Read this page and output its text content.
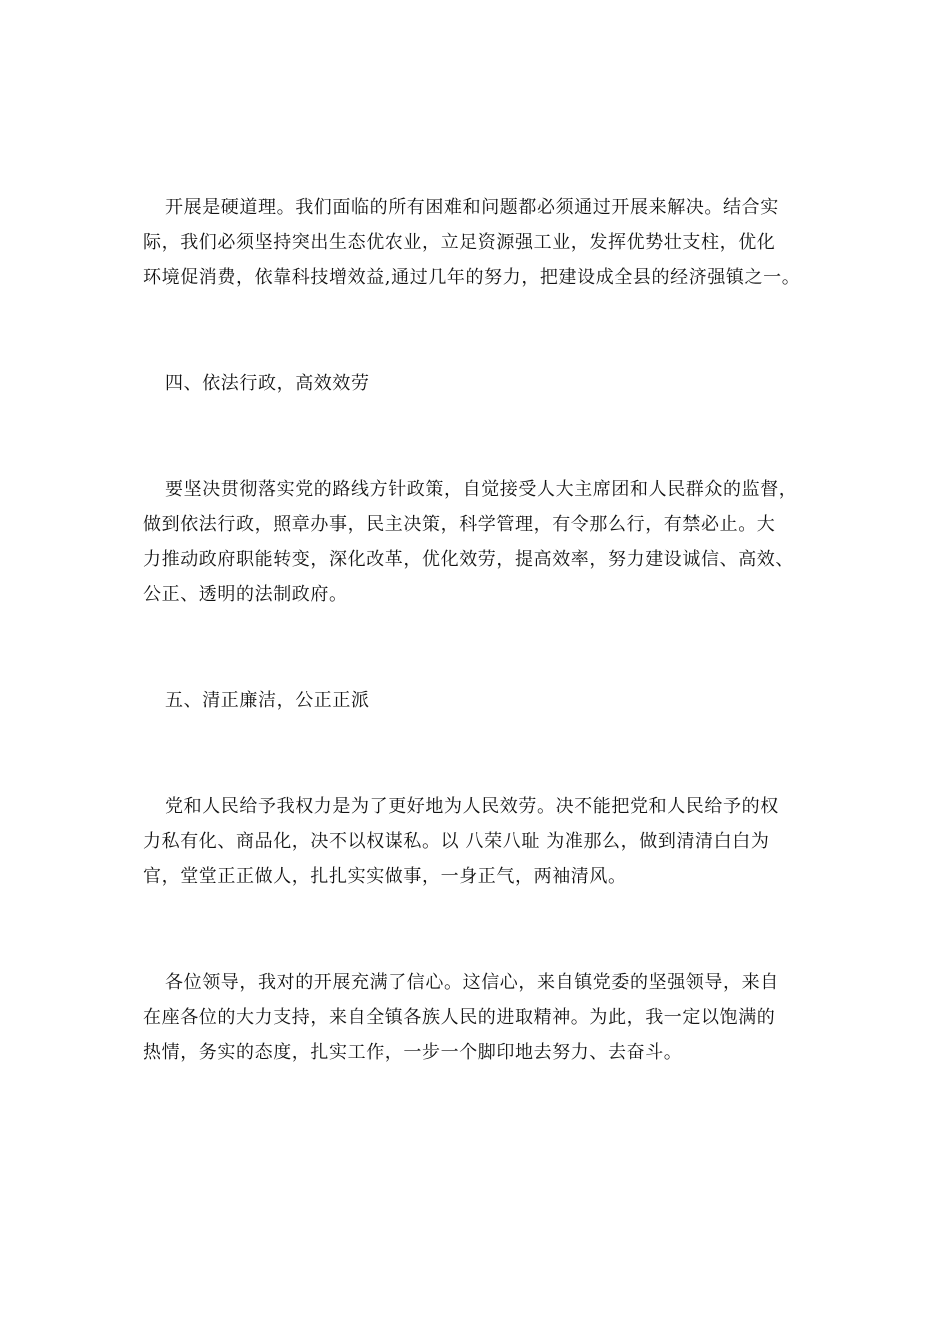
开展是硬道理。我们面临的所有困难和问题都必须通过开展来解决。结合实
际，我们必须坚持突出生态优农业，立足资源强工业，发挥优势壮支柱，优化
环境促消费，依靠科技增效益,通过几年的努力，把建设成全县的经济强镇之一。
四、依法行政，高效效劳
要坚决贯彻落实党的路线方针政策，自觉接受人大主席团和人民群众的监督，
做到依法行政，照章办事，民主决策，科学管理，有令那么行，有禁必止。大
力推动政府职能转变，深化改革，优化效劳，提高效率，努力建设诚信、高效、
公正、透明的法制政府。
五、清正廉洁，公正正派
党和人民给予我权力是为了更好地为人民效劳。决不能把党和人民给予的权
力私有化、商品化，决不以权谋私。以 八荣八耻 为准那么，做到清清白白为
官，堂堂正正做人，扎扎实实做事，一身正气，两袖清风。
各位领导，我对的开展充满了信心。这信心，来自镇党委的坚强领导，来自
在座各位的大力支持，来自全镇各族人民的进取精神。为此，我一定以饱满的
热情，务实的态度，扎实工作，一步一个脚印地去努力、去奋斗。
